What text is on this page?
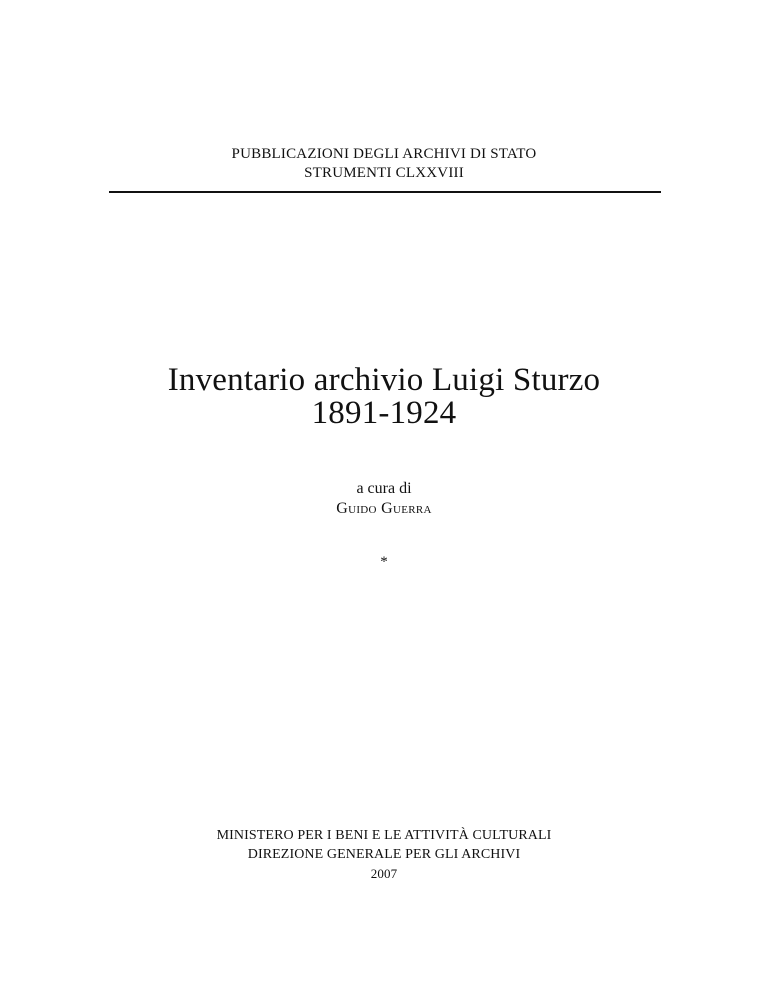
PUBBLICAZIONI DEGLI ARCHIVI DI STATO
STRUMENTI CLXXVIII
Inventario archivio Luigi Sturzo
1891-1924
a cura di
Guido Guerra
*
MINISTERO PER I BENI E LE ATTIVITÀ CULTURALI
DIREZIONE GENERALE PER GLI ARCHIVI
2007
